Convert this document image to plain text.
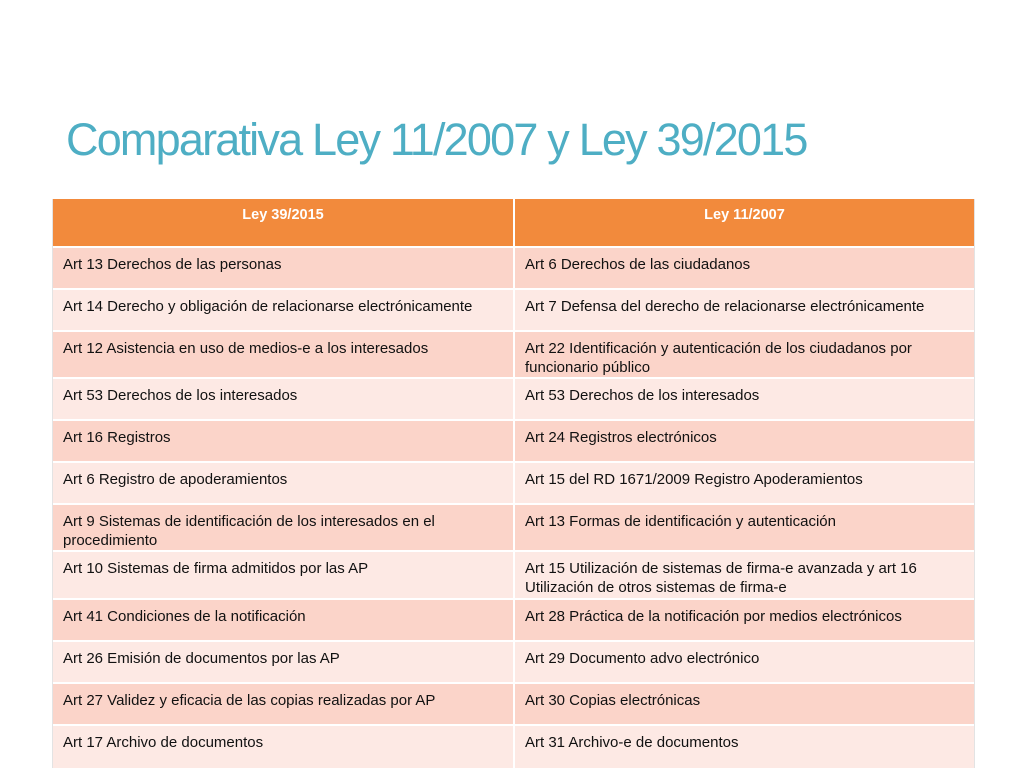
Comparativa Ley 11/2007 y Ley 39/2015
Ley 39/2015	Ley 11/2007
Art 13 Derechos de las personas	Art 6 Derechos de las ciudadanos
Art 14 Derecho y obligación de relacionarse electrónicamente	Art 7 Defensa del derecho de relacionarse electrónicamente
Art 12 Asistencia en uso de medios-e a los interesados	Art 22 Identificación y autenticación de los ciudadanos por funcionario público
Art 53 Derechos de los interesados	Art 53 Derechos de los interesados
Art 16 Registros	Art 24 Registros electrónicos
Art 6 Registro de apoderamientos	Art 15 del RD 1671/2009 Registro Apoderamientos
Art 9 Sistemas de identificación de los interesados en el procedimiento	Art 13 Formas de identificación y autenticación
Art 10 Sistemas de firma admitidos por las AP	Art 15 Utilización de sistemas de firma-e avanzada y art 16 Utilización de otros sistemas de firma-e
Art 41 Condiciones de la notificación	Art 28 Práctica de la notificación por medios electrónicos
Art 26 Emisión de documentos por las AP	Art 29 Documento advo electrónico
Art 27 Validez y eficacia de las copias realizadas por AP	Art 30 Copias electrónicas
Art 17 Archivo de documentos	Art 31 Archivo-e de documentos
